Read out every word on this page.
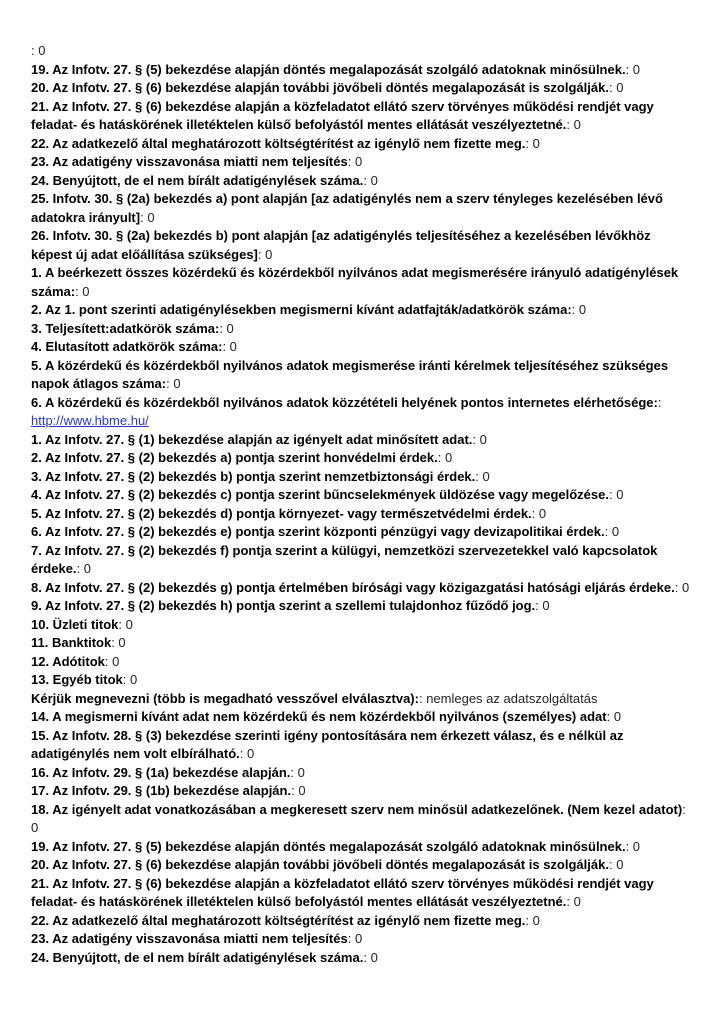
: 0

19. Az Infotv. 27. § (5) bekezdése alapján döntés megalapozását szolgáló adatoknak minősülnek.: 0

20. Az Infotv. 27. § (6) bekezdése alapján további jövőbeli döntés megalapozását is szolgálják.: 0

21. Az Infotv. 27. § (6) bekezdése alapján a közfeladatot ellátó szerv törvényes működési rendjét vagy feladat- és hatáskörének illetéktelen külső befolyástól mentes ellátását veszélyeztetné.: 0

22. Az adatkezelő által meghatározott költségtérítést az igénylő nem fizette meg.: 0

23. Az adatigény visszavonása miatti nem teljesítés: 0

24. Benyújtott, de el nem bírált adatigénylések száma.: 0

25. Infotv. 30. § (2a) bekezdés a) pont alapján [az adatigénylés nem a szerv tényleges kezelésében lévő adatokra irányult]: 0

26. Infotv. 30. § (2a) bekezdés b) pont alapján [az adatigénylés teljesítéséhez a kezelésében lévőkhöz képest új adat előállítása szükséges]: 0

1. A beérkezett összes közérdekű és közérdekből nyilvános adat megismerésére irányuló adatigénylések száma:: 0

2. Az 1. pont szerinti adatigénylésekben megismerni kívánt adatfajták/adatkörök száma:: 0

3. Teljesített:adatkörök száma:: 0

4. Elutasított adatkörök száma:: 0

5. A közérdekű és közérdekből nyilvános adatok megismerése iránti kérelmek teljesítéséhez szükséges napok átlagos száma:: 0

6. A közérdekű és közérdekből nyilvános adatok közzétételi helyének pontos internetes elérhetősége::
http://www.hbme.hu/

1. Az Infotv. 27. § (1) bekezdése alapján az igényelt adat minősített adat.: 0

2. Az Infotv. 27. § (2) bekezdés a) pontja szerint honvédelmi érdek.: 0

3. Az Infotv. 27. § (2) bekezdés b) pontja szerint nemzetbiztonsági érdek.: 0

4. Az Infotv. 27. § (2) bekezdés c) pontja szerint bűncselekmények üldözése vagy megelőzése.: 0

5. Az Infotv. 27. § (2) bekezdés d) pontja környezet- vagy természetvédelmi érdek.: 0

6. Az Infotv. 27. § (2) bekezdés e) pontja szerint központi pénzügyi vagy devizapolitikai érdek.: 0

7. Az Infotv. 27. § (2) bekezdés f) pontja szerint a külügyi, nemzetközi szervezetekkel való kapcsolatok érdeke.: 0

8. Az Infotv. 27. § (2) bekezdés g) pontja értelmében bírósági vagy közigazgatási hatósági eljárás érdeke.: 0

9. Az Infotv. 27. § (2) bekezdés h) pontja szerint a szellemi tulajdonhoz fűződő jog.: 0

10. Üzleti titok: 0

11. Banktitok: 0

12. Adótitok: 0

13. Egyéb titok: 0

Kérjük megnevezni (több is megadható vesszővel elválasztva):: nemleges az adatszolgáltatás

14. A megismerni kívánt adat nem közérdekű és nem közérdekből nyilvános (személyes) adat: 0

15. Az Infotv. 28. § (3) bekezdése szerinti igény pontosítására nem érkezett válasz, és e nélkül az adatigénylés nem volt elbírálható.: 0

16. Az Infotv. 29. § (1a) bekezdése alapján.: 0

17. Az Infotv. 29. § (1b) bekezdése alapján.: 0

18. Az igényelt adat vonatkozásában a megkeresett szerv nem minősül adatkezelőnek. (Nem kezel adatot): 0

19. Az Infotv. 27. § (5) bekezdése alapján döntés megalapozását szolgáló adatoknak minősülnek.: 0

20. Az Infotv. 27. § (6) bekezdése alapján további jövőbeli döntés megalapozását is szolgálják.: 0

21. Az Infotv. 27. § (6) bekezdése alapján a közfeladatot ellátó szerv törvényes működési rendjét vagy feladat- és hatáskörének illetéktelen külső befolyástól mentes ellátását veszélyeztetné.: 0

22. Az adatkezelő által meghatározott költségtérítést az igénylő nem fizette meg.: 0

23. Az adatigény visszavonása miatti nem teljesítés: 0

24. Benyújtott, de el nem bírált adatigénylések száma.: 0
